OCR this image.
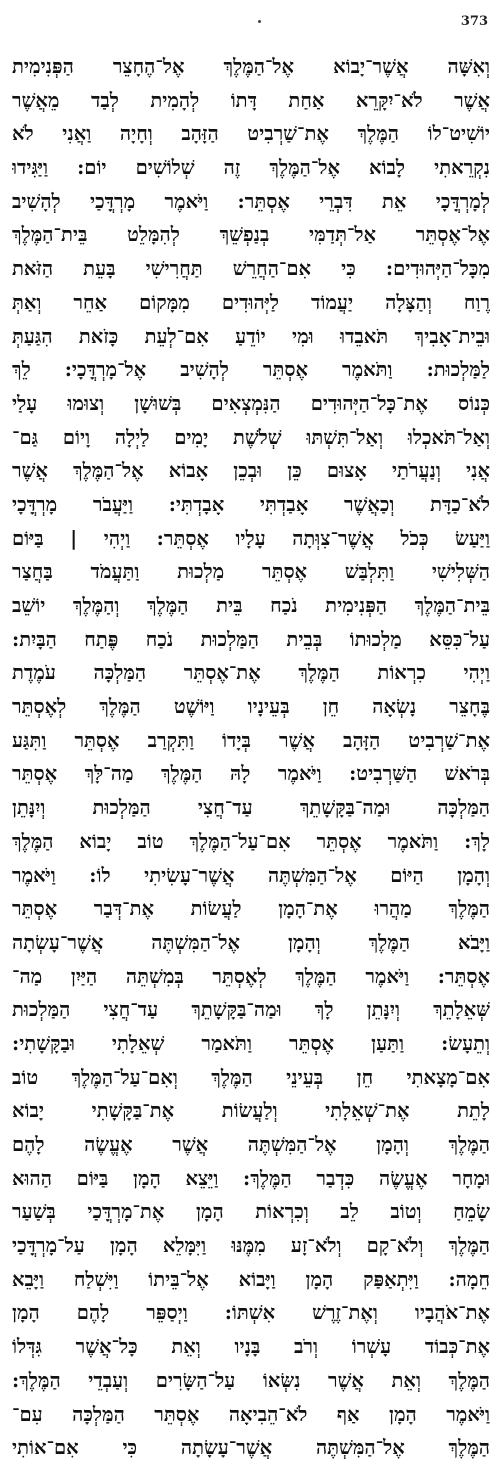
373
וְאִשָּׁה אֲשֶׁר־יָבוֹא אֶל־הַמֶּלֶךְ אֶל־הֶחָצֵר הַפְּנִימִית
אֲשֶׁר לֹא־יִקָּרֵא אַחַת דָּתוֹ לְהָמִית לְבַד מֵאֲשֶׁר
יוֹשִׁיט־לוֹ הַמֶּלֶךְ אֶת־שַׁרְבִיט הַזָּהָב וְחָיָה וַאֲנִי לֹא
נִקְרֵאתִי לָבוֹא אֶל־הַמֶּלֶךְ זֶה שְׁלוֹשִׁים יוֹם: וַיַּגִּידוּ
לְמָרְדֳּכָי אֵת דִּבְרֵי אֶסְתֵּר: וַיֹּאמֶר מָרְדֳּכַי לְהָשִׁיב
אֶל־אֶסְתֵּר אַל־תְּדַמִּי בְנַפְשֵׁךְ לְהִמָּלֵט בֵּית־הַמֶּלֶךְ
מִכָּל־הַיְּהוּדִים: כִּי אִם־הַחֲרֵשׁ תַּחֲרִישִׁי בָּעֵת הַזֹּאת
רֶוַח וְהַצָּלָה יַעֲמוֹד לַיְּהוּדִים מִמָּקוֹם אַחֵר וְאַתְּ
וּבֵית־אָבִיךְ תֹּאבֵדוּ וּמִי יוֹדֵעַ אִם־לְעֵת כָּזֹאת הִגַּעַתְּ
לַמַּלְכוּת: וַתֹּאמֶר אֶסְתֵּר לְהָשִׁיב אֶל־מָרְדֳּכָי: לֵךְ
כְּנוֹס אֶת־כָּל־הַיְּהוּדִים הַנִּמְצְאִים בְּשׁוּשָׁן וְצוּמוּ עָלַי
וְאַל־תֹּאכְלוּ וְאַל־תִּשְׁתּוּ שְׁלֹשֶׁת יָמִים לַיְלָה וָיוֹם גַּם־
אֲנִי וְנַעֲרֹתַי אָצוּם כֵּן וּבְכֵן אָבוֹא אֶל־הַמֶּלֶךְ אֲשֶׁר
לֹא־כַדָּת וְכַאֲשֶׁר אָבַדְתִּי אָבָדְתִּי: וַיַּעֲבֹר מָרְדֳּכָי
וַיַּעַשׂ כְּכֹל אֲשֶׁר־צִוְּתָה עָלָיו אֶסְתֵּר: וַיְהִי | בַּיּוֹם
הַשְּׁלִישִׁי וַתִּלְבַּשׁ אֶסְתֵּר מַלְכוּת וַתַּעֲמֹד בַּחֲצַר
בֵּית־הַמֶּלֶךְ הַפְּנִימִית נֹכַח בֵּית הַמֶּלֶךְ וְהַמֶּלֶךְ יוֹשֵׁב
עַל־כִּסֵּא מַלְכוּתוֹ בְּבֵית הַמַּלְכוּת נֹכַח פֶּתַח הַבָּיִת:
וַיְהִי כִרְאוֹת הַמֶּלֶךְ אֶת־אֶסְתֵּר הַמַּלְכָּה עֹמֶדֶת
בֶּחָצֵר נָשְׂאָה חֵן בְּעֵינָיו וַיּוֹשֶׁט הַמֶּלֶךְ לְאֶסְתֵּר
אֶת־שַׁרְבִיט הַזָּהָב אֲשֶׁר בְּיָדוֹ וַתִּקְרַב אֶסְתֵּר וַתִּגַּע
בְּרֹאשׁ הַשַּׁרְבִיט: וַיֹּאמֶר לָהּ הַמֶּלֶךְ מַה־לָּךְ אֶסְתֵּר
הַמַּלְכָּה וּמַה־בַּקָּשָׁתֵךְ עַד־חֲצִי הַמַּלְכוּת וְיִנָּתֵן
לָךְ: וַתֹּאמֶר אֶסְתֵּר אִם־עַל־הַמֶּלֶךְ טוֹב יָבוֹא הַמֶּלֶךְ
וְהָמָן הַיּוֹם אֶל־הַמִּשְׁתֶּה אֲשֶׁר־עָשִׂיתִי לוֹ: וַיֹּאמֶר
הַמֶּלֶךְ מַהֲרוּ אֶת־הָמָן לַעֲשׂוֹת אֶת־דְּבַר אֶסְתֵּר
וַיָּבֹא הַמֶּלֶךְ וְהָמָן אֶל־הַמִּשְׁתֶּה אֲשֶׁר־עָשְׂתָה
אֶסְתֵּר: וַיֹּאמֶר הַמֶּלֶךְ לְאֶסְתֵּר בְּמִשְׁתֵּה הַיַּיִן מַה־
שְּׁאֵלָתֵךְ וְיִנָּתֵן לָךְ וּמַה־בַּקָּשָׁתֵךְ עַד־חֲצִי הַמַּלְכוּת
וְתֵעָשׂ: וַתַּעַן אֶסְתֵּר וַתֹּאמַר שְׁאֵלָתִי וּבַקָּשָׁתִי:
אִם־מָצָאתִי חֵן בְּעֵינֵי הַמֶּלֶךְ וְאִם־עַל־הַמֶּלֶךְ טוֹב
לָתֵת אֶת־שְׁאֵלָתִי וְלַעֲשׂוֹת אֶת־בַּקָּשָׁתִי יָבוֹא
הַמֶּלֶךְ וְהָמָן אֶל־הַמִּשְׁתֶּה אֲשֶׁר אֶעֱשֶׂה לָהֶם
וּמָחָר אֶעֱשֶׂה כִּדְבַר הַמֶּלֶךְ: וַיֵּצֵא הָמָן בַּיּוֹם הַהוּא
שָׂמֵחַ וְטוֹב לֵב וְכִרְאוֹת הָמָן אֶת־מָרְדֳּכַי בְּשַׁעַר
הַמֶּלֶךְ וְלֹא־קָם וְלֹא־זָע מִמֶּנּוּ וַיִּמָּלֵא הָמָן עַל־מָרְדֳּכַי
חֵמָה: וַיִּתְאַפַּק הָמָן וַיָּבוֹא אֶל־בֵּיתוֹ וַיִּשְׁלַח וַיָּבֵא
אֶת־אֹהֲבָיו וְאֶת־זֶרֶשׁ אִשְׁתּוֹ: וַיְסַפֵּר לָהֶם הָמָן
אֶת־כְּבוֹד עָשְׁרוֹ וְרֹב בָּנָיו וְאֵת כָּל־אֲשֶׁר גִּדְּלוֹ
הַמֶּלֶךְ וְאֵת אֲשֶׁר נִשְּׂאוֹ עַל־הַשָּׂרִים וְעַבְדֵי הַמֶּלֶךְ:
וַיֹּאמֶר הָמָן אַף לֹא־הֵבִיאָה אֶסְתֵּר הַמַּלְכָּה עִם־
הַמֶּלֶךְ אֶל־הַמִּשְׁתֶּה אֲשֶׁר־עָשָׂתָה כִּי אִם־אוֹתִי
